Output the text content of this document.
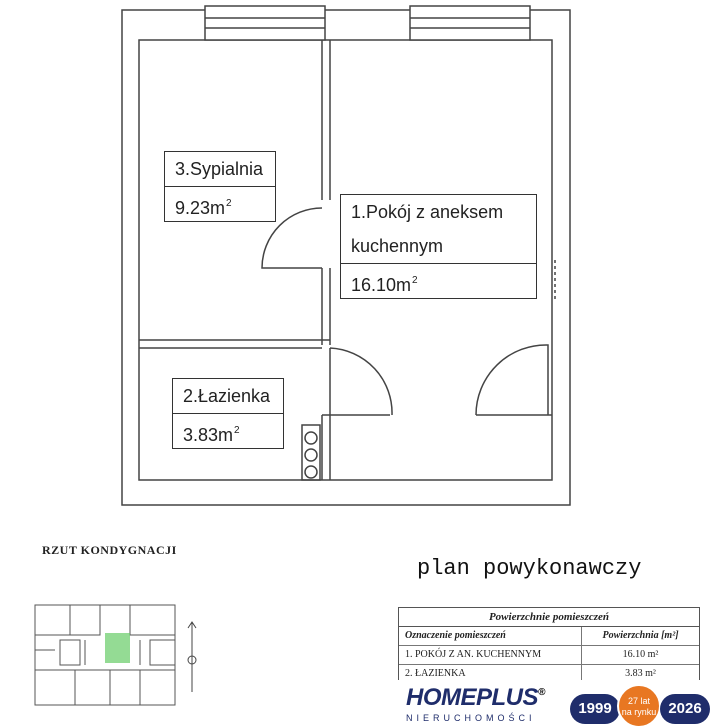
3.Sypialnia
$9.23m^2$	1.Pokój z aneksem
kuchennym
$16.10m^2$
2.Łazienka
$3.83m^2$
RZUT KONDYGNACJI
plan powykonawczy
Powierzchnie pomieszczeń
Oznaczenie pomieszczeń	Powierzchnia [m²]
1. POKÓJ Z AN. KUCHENNYM	16.10 m²
2. ŁAZIENKA	3.83 m²
HOMEPLUS®
NIERUCHOMOŚCI
1999	27 lat
na rynku 2026
